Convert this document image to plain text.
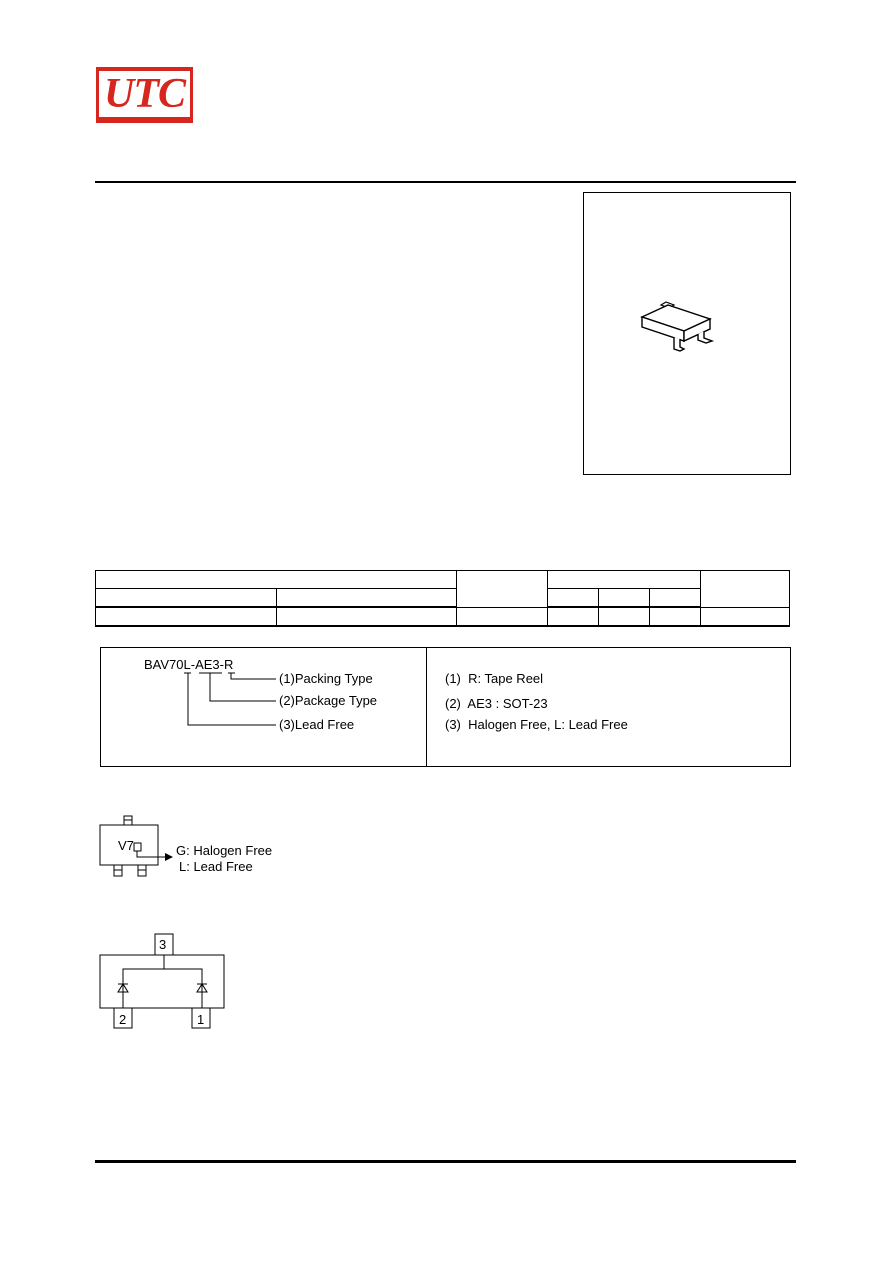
UTC

BAV70L-AE3-R
(1)Packing Type
(2)Package Type
(3)Lead Free
(1) R: Tape Reel
(2) AE3 : SOT-23
(3) Halogen Free, L: Lead Free
V7	G: Halogen Free
L: Lead Free
3
2	1
